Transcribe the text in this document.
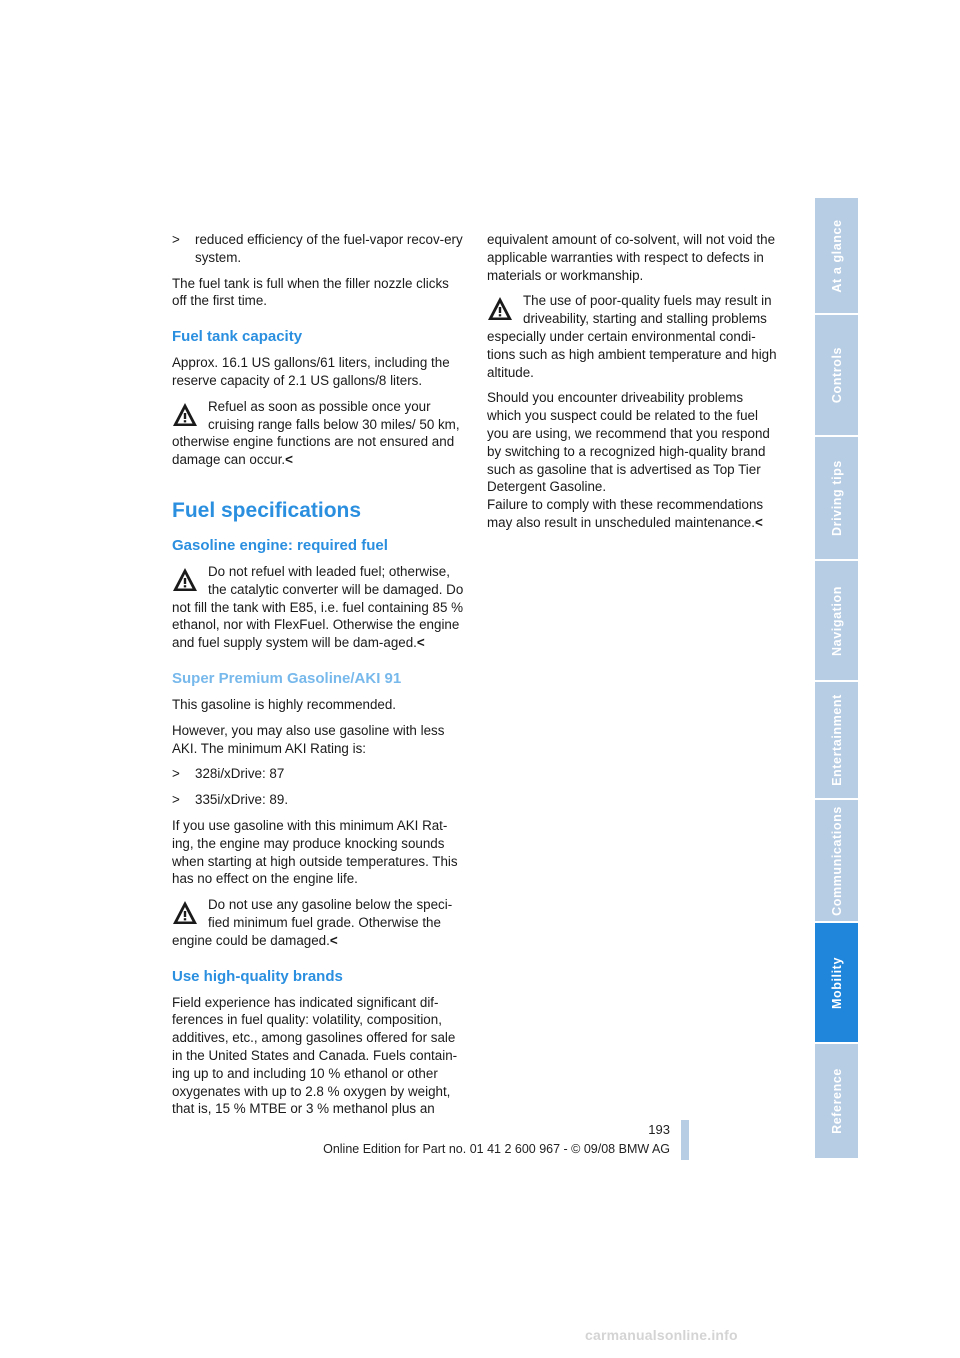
> reduced efficiency of the fuel-vapor recov-ery system.

The fuel tank is full when the filler nozzle clicks off the first time.

Fuel tank capacity

Approx. 16.1 US gallons/61 liters, including the reserve capacity of 2.1 US gallons/8 liters.

Refuel as soon as possible once your cruising range falls below 30 miles/ 50 km, otherwise engine functions are not ensured and damage can occur.<
Fuel specifications
Gasoline engine: required fuel
Do not refuel with leaded fuel; otherwise, the catalytic converter will be damaged. Do not fill the tank with E85, i.e. fuel containing 85 % ethanol, nor with FlexFuel. Otherwise the engine and fuel supply system will be dam-aged.<
Super Premium Gasoline/AKI 91

This gasoline is highly recommended.

However, you may also use gasoline with less AKI. The minimum AKI Rating is:

> 328i/xDrive: 87
> 335i/xDrive: 89.

If you use gasoline with this minimum AKI Rat-ing, the engine may produce knocking sounds when starting at high outside temperatures. This has no effect on the engine life.

Do not use any gasoline below the speci-fied minimum fuel grade. Otherwise the engine could be damaged.<
Use high-quality brands

Field experience has indicated significant dif-ferences in fuel quality: volatility, composition, additives, etc., among gasolines offered for sale in the United States and Canada. Fuels contain-ing up to and including 10 % ethanol or other oxygenates with up to 2.8 % oxygen by weight, that is, 15 % MTBE or 3 % methanol plus an

equivalent amount of co-solvent, will not void the applicable warranties with respect to defects in materials or workmanship.

The use of poor-quality fuels may result in driveability, starting and stalling problems especially under certain environmental condi-tions such as high ambient temperature and high altitude.

Should you encounter driveability problems which you suspect could be related to the fuel you are using, we recommend that you respond by switching to a recognized high-quality brand such as gasoline that is advertised as Top Tier Detergent Gasoline.

Failure to comply with these recommendations may also result in unscheduled maintenance.<

At a glance
Controls
Driving tips
Navigation
Entertainment
Communications
Mobility
Reference
193
Online Edition for Part no. 01 41 2 600 967 - © 09/08 BMW AG
carmanualsonline.info
